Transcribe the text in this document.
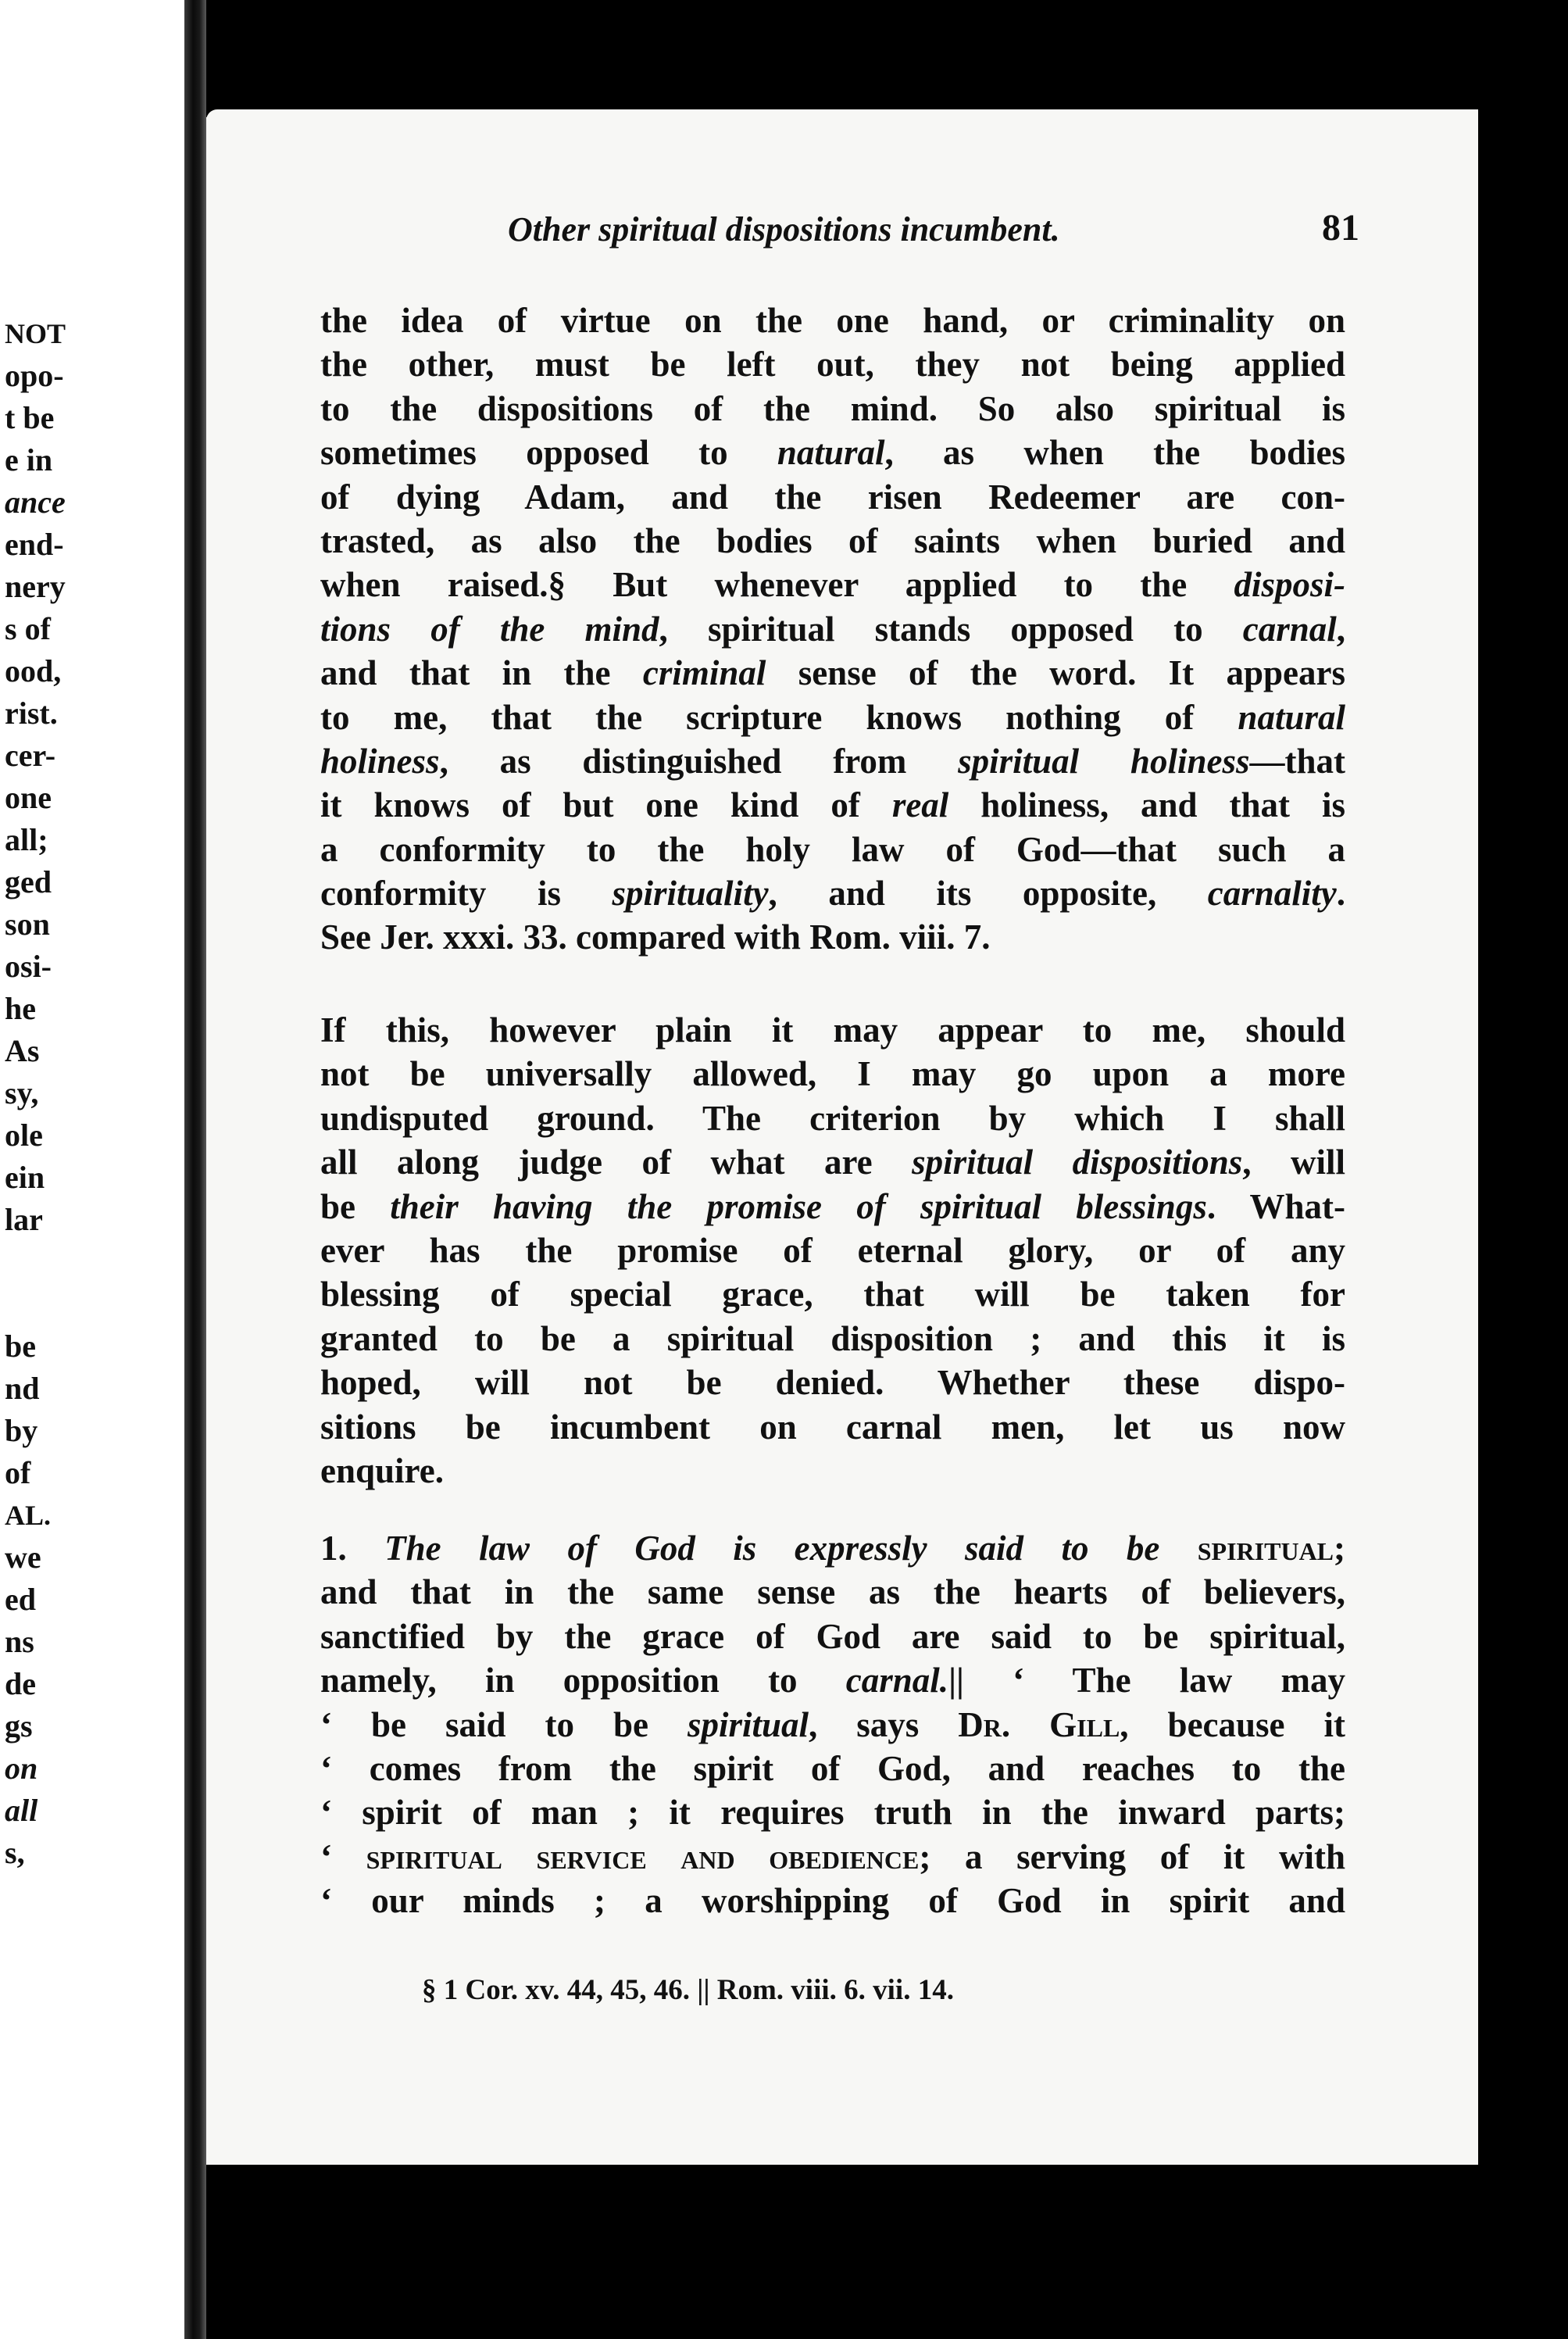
NOT
opo-
t be
e in
ance
end-
nery
s of
ood,
rist.
cer-
one
all;
ged
son
osi-
he
As
sy,
ole
ein
lar
be
nd
by
of
AL.
we
ed
ns
de
gs
on
all
s,
Other spiritual dispositions incumbent.	81
the idea of virtue on the one hand, or criminality on
the other, must be left out, they not being applied
to the dispositions of the mind. So also spiritual is
sometimes opposed to natural, as when the bodies
of dying Adam, and the risen Redeemer are con-
trasted, as also the bodies of saints when buried and
when raised.§ But whenever applied to the disposi-
tions of the mind, spiritual stands opposed to carnal,
and that in the criminal sense of the word. It appears
to me, that the scripture knows nothing of natural
holiness, as distinguished from spiritual holiness—that
it knows of but one kind of real holiness, and that is
a conformity to the holy law of God—that such a
conformity is spirituality, and its opposite, carnality.
See Jer. xxxi. 33. compared with Rom. viii. 7.
If this, however plain it may appear to me, should
not be universally allowed, I may go upon a more
undisputed ground. The criterion by which I shall
all along judge of what are spiritual dispositions, will
be their having the promise of spiritual blessings. What-
ever has the promise of eternal glory, or of any
blessing of special grace, that will be taken for
granted to be a spiritual disposition ; and this it is
hoped, will not be denied. Whether these dispo-
sitions be incumbent on carnal men, let us now
enquire.
1. The law of God is expressly said to be spiritual;
and that in the same sense as the hearts of believers,
sanctified by the grace of God are said to be spiritual,
namely, in opposition to carnal.|| ‘ The law may
‘ be said to be spiritual, says Dr. Gill, because it
‘ comes from the spirit of God, and reaches to the
‘ spirit of man ; it requires truth in the inward parts;
‘ spiritual service and obedience; a serving of it with
‘ our minds ; a worshipping of God in spirit and
§ 1 Cor. xv. 44, 45, 46. || Rom. viii. 6. vii. 14.
